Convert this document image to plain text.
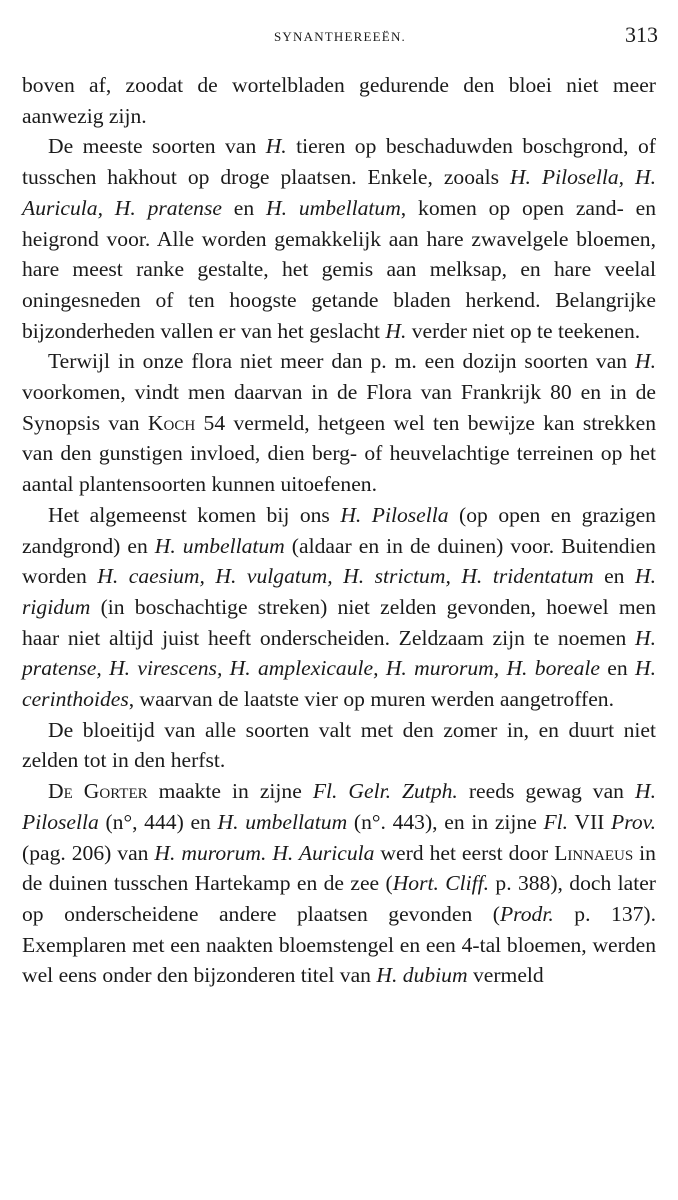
SYNANTHEREEËN.	313

boven af, zoodat de wortelbladen gedurende den bloei niet meer aanwezig zijn.

De meeste soorten van H. tieren op beschaduwden boschgrond, of tusschen hakhout op droge plaatsen. Enkele, zooals H. Pilosella, H. Auricula, H. pratense en H. umbellatum, komen op open zand- en heigrond voor. Alle worden gemakkelijk aan hare zwavelgele bloemen, hare meest ranke gestalte, het gemis aan melksap, en hare veelal oningesneden of ten hoogste getande bladen herkend. Belangrijke bijzonderheden vallen er van het geslacht H. verder niet op te teekenen.

Terwijl in onze flora niet meer dan p. m. een dozijn soorten van H. voorkomen, vindt men daarvan in de Flora van Frankrijk 80 en in de Synopsis van Koch 54 vermeld, hetgeen wel ten bewijze kan strekken van den gunstigen invloed, dien berg- of heuvelachtige terreinen op het aantal plantensoorten kunnen uitoefenen.

Het algemeenst komen bij ons H. Pilosella (op open en grazigen zandgrond) en H. umbellatum (aldaar en in de duinen) voor. Buitendien worden H. caesium, H. vulgatum, H. strictum, H. tridentatum en H. rigidum (in boschachtige streken) niet zelden gevonden, hoewel men haar niet altijd juist heeft onderscheiden. Zeldzaam zijn te noemen H. pratense, H. virescens, H. amplexicaule, H. murorum, H. boreale en H. cerinthoides, waarvan de laatste vier op muren werden aangetroffen.

De bloeitijd van alle soorten valt met den zomer in, en duurt niet zelden tot in den herfst.

De Gorter maakte in zijne Fl. Gelr. Zutph. reeds gewag van H. Pilosella (n°, 444) en H. umbellatum (n°. 443), en in zijne Fl. VII Prov. (pag. 206) van H. murorum. H. Auricula werd het eerst door Linnaeus in de duinen tusschen Hartekamp en de zee (Hort. Cliff. p. 388), doch later op onderscheidene andere plaatsen gevonden (Prodr. p. 137). Exemplaren met een naakten bloemstengel en een 4-tal bloemen, werden wel eens onder den bijzonderen titel van H. dubium vermeld
